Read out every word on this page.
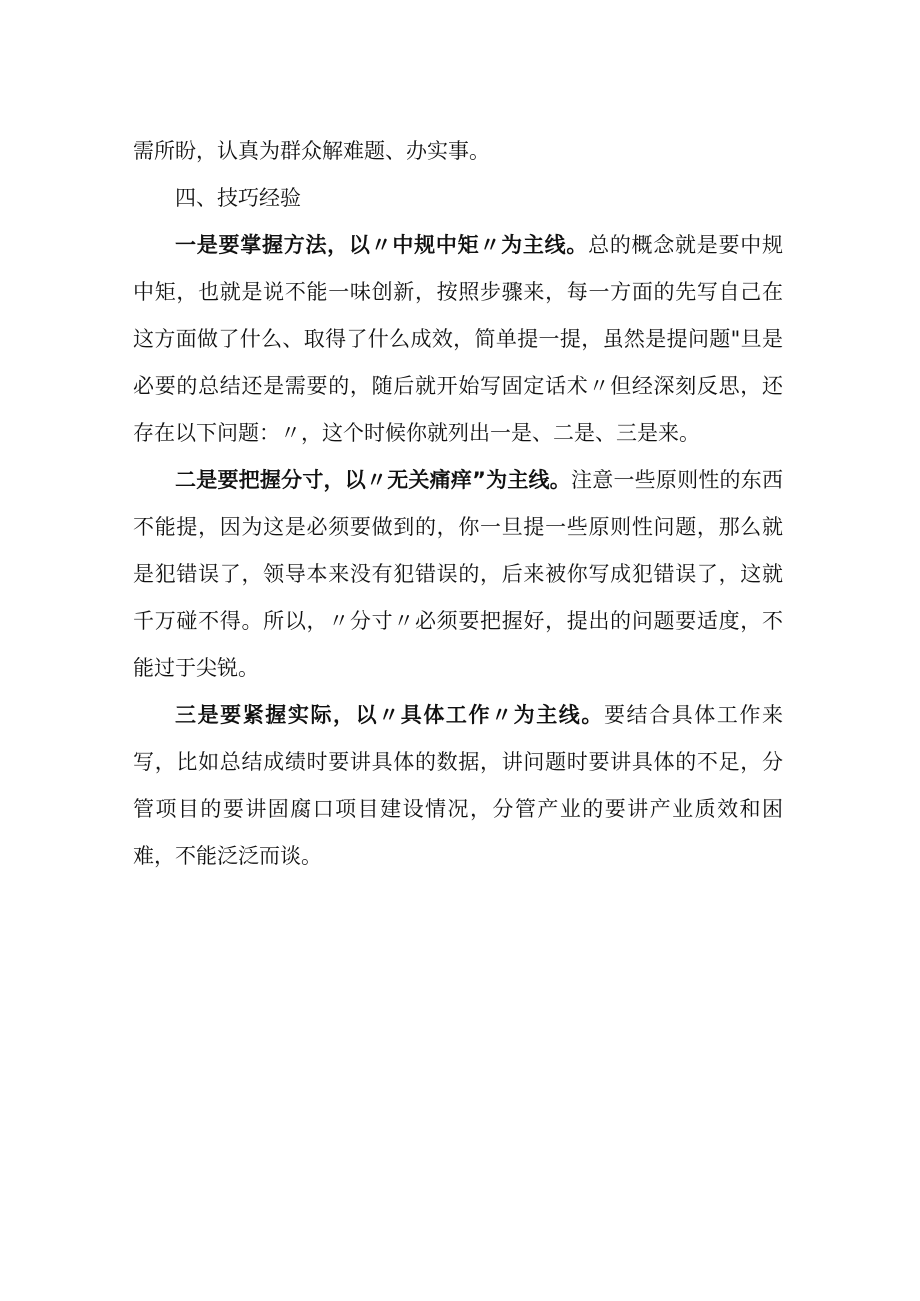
需所盼，认真为群众解难题、办实事。

四、技巧经验

一是要掌握方法，以〃中规中矩〃为主线。总的概念就是要中规中矩，也就是说不能一味创新，按照步骤来，每一方面的先写自己在这方面做了什么、取得了什么成效，简单提一提，虽然是提问题"旦是必要的总结还是需要的，随后就开始写固定话术〃但经深刻反思，还存在以下问题：〃，这个时候你就列出一是、二是、三是来。

二是要把握分寸，以〃无关痛痒”为主线。注意一些原则性的东西不能提，因为这是必须要做到的，你一旦提一些原则性问题，那么就是犯错误了，领导本来没有犯错误的，后来被你写成犯错误了，这就千万碰不得。所以，〃分寸〃必须要把握好，提出的问题要适度，不能过于尖锐。

三是要紧握实际，以〃具体工作〃为主线。要结合具体工作来写，比如总结成绩时要讲具体的数据，讲问题时要讲具体的不足，分管项目的要讲固腐口项目建设情况，分管产业的要讲产业质效和困难，不能泛泛而谈。
